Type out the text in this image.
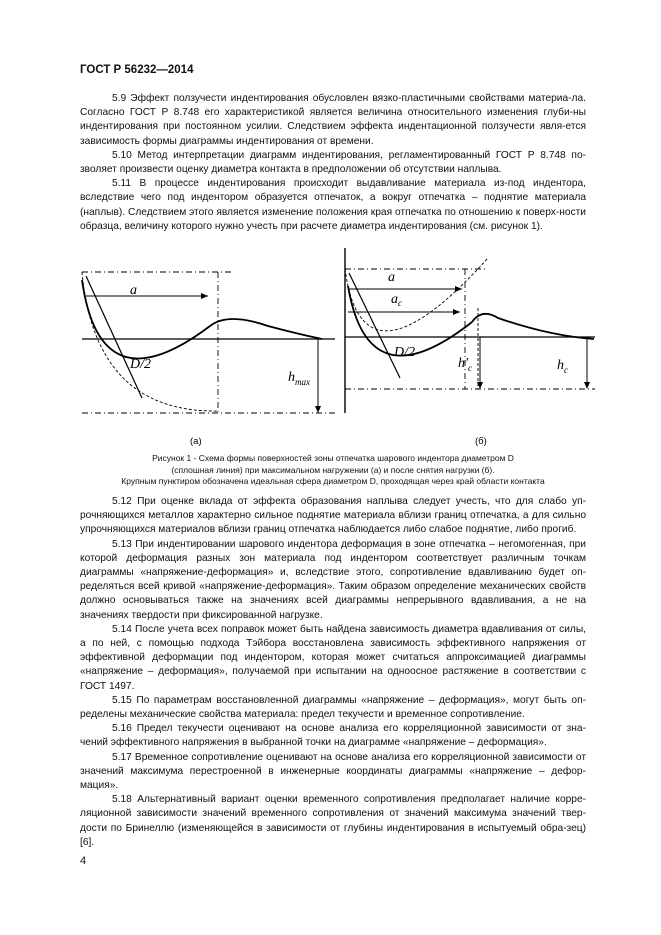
ГОСТ Р 56232—2014

5.9 Эффект ползучести индентирования обусловлен вязко-пластичными свойствами материа-ла. Согласно ГОСТ Р 8.748 его характеристикой является величина относительного изменения глуби-ны индентирования при постоянном усилии. Следствием эффекта индентационной ползучести явля-ется зависимость формы диаграммы индентирования от времени.

5.10 Метод интерпретации диаграмм индентирования, регламентированный ГОСТ Р 8.748 по-зволяет произвести оценку диаметра контакта в предположении об отсутствии наплыва.

5.11 В процессе индентирования происходит выдавливание материала из-под индентора, вследствие чего под индентором образуется отпечаток, а вокруг отпечатка – поднятие материала (наплыв). Следствием этого является изменение положения края отпечатка по отношению к поверх-ности образца, величину которого нужно учесть при расчете диаметра индентирования (см. рисунок 1).

a
D/2
$h_{max}$
a
$a_c$
D/2
$h'_c$	$h_c$
(а)	(б)
Рисунок 1 - Схема формы поверхностей зоны отпечатка шарового индентора диаметром D
(сплошная линия) при максимальном нагружении (а) и после снятия нагрузки (б).
Крупным пунктиром обозначена идеальная сфера диаметром D, проходящая через край области контакта

5.12 При оценке вклада от эффекта образования наплыва следует учесть, что для слабо уп-рочняющихся металлов характерно сильное поднятие материала вблизи границ отпечатка, а для сильно упрочняющихся материалов вблизи границ отпечатка наблюдается либо слабое поднятие, либо прогиб.

5.13 При индентировании шарового индентора деформация в зоне отпечатка – негомогенная, при которой деформация разных зон материала под индентором соответствует различным точкам диаграммы «напряжение-деформация» и, вследствие этого, сопротивление вдавливанию будет оп-ределяться всей кривой «напряжение-деформация». Таким образом определение механических свойств должно основываться также на значениях всей диаграммы непрерывного вдавливания, а не на значениях твердости при фиксированной нагрузке.

5.14 После учета всех поправок может быть найдена зависимость диаметра вдавливания от силы, а по ней, с помощью подхода Тэйбора восстановлена зависимость эффективного напряжения от эффективной деформации под индентором, которая может считаться аппроксимацией диаграммы «напряжение – деформация», получаемой при испытании на одноосное растяжение в соответствии с ГОСТ 1497.

5.15 По параметрам восстановленной диаграммы «напряжение – деформация», могут быть оп-ределены механические свойства материала: предел текучести и временное сопротивление.

5.16 Предел текучести оценивают на основе анализа его корреляционной зависимости от зна-чений эффективного напряжения в выбранной точки на диаграмме «напряжение – деформация».

5.17 Временное сопротивление оценивают на основе анализа его корреляционной зависимости от значений максимума перестроенной в инженерные координаты диаграммы «напряжение – дефор-мация».

5.18 Альтернативный вариант оценки временного сопротивления предполагает наличие корре-ляционной зависимости значений временного сопротивления от значений максимума значений твер-дости по Бринеллю (изменяющейся в зависимости от глубины индентирования в испытуемый обра-зец) [6].

4
